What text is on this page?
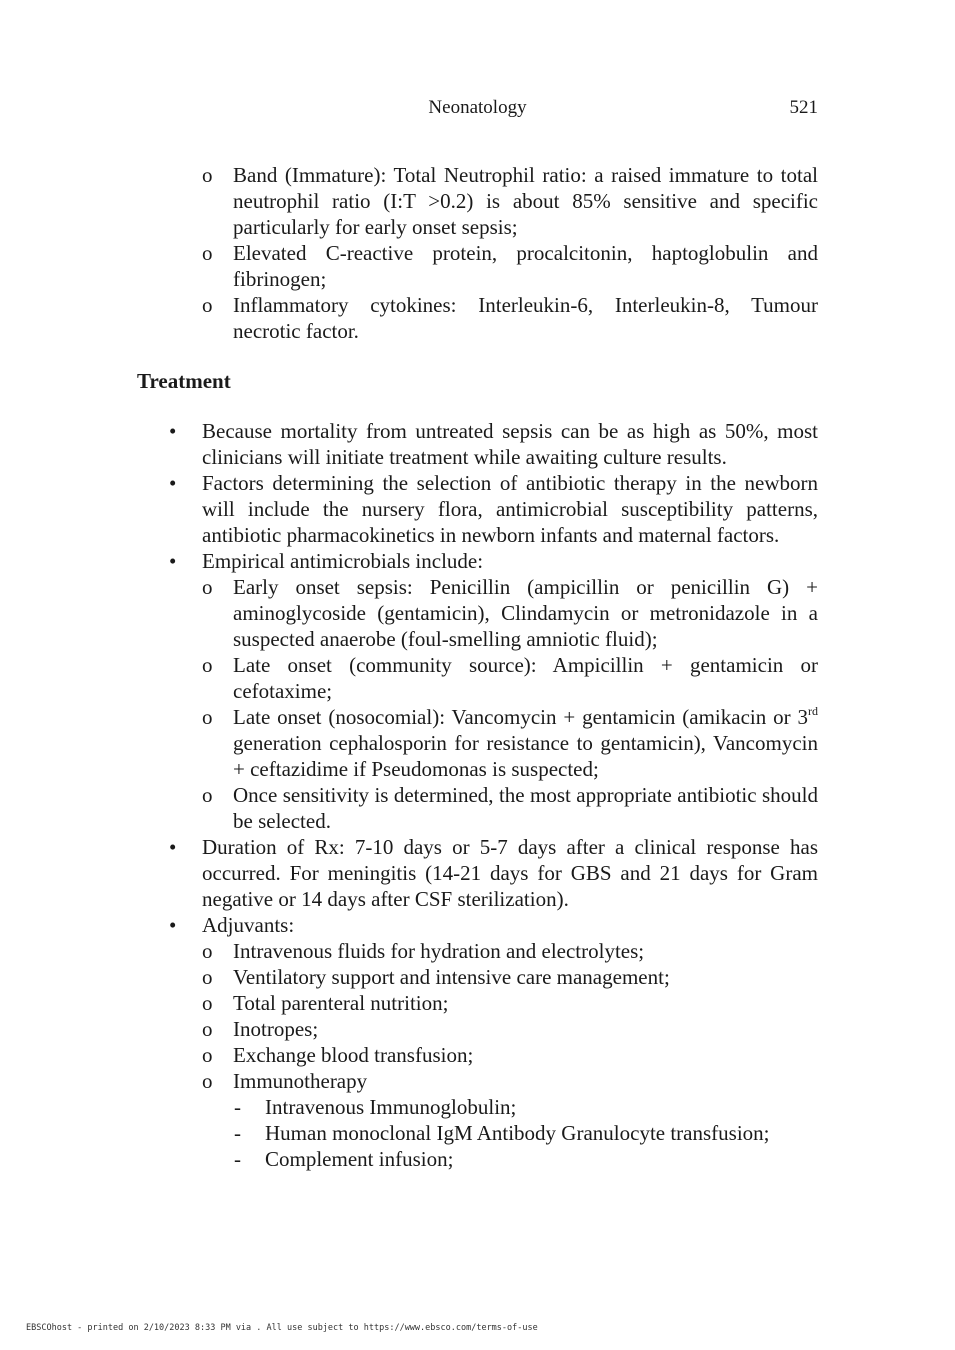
Neonatology	521
o Band (Immature): Total Neutrophil ratio: a raised immature to total neutrophil ratio (I:T >0.2) is about 85% sensitive and specific particularly for early onset sepsis;
o Elevated C-reactive protein, procalcitonin, haptoglobulin and fibrinogen;
o Inflammatory cytokines: Interleukin-6, Interleukin-8, Tumour necrotic factor.
Treatment
• Because mortality from untreated sepsis can be as high as 50%, most clinicians will initiate treatment while awaiting culture results.
• Factors determining the selection of antibiotic therapy in the newborn will include the nursery flora, antimicrobial susceptibility patterns, antibiotic pharmacokinetics in newborn infants and maternal factors.
• Empirical antimicrobials include:
o Early onset sepsis: Penicillin (ampicillin or penicillin G) + aminoglycoside (gentamicin), Clindamycin or metronidazole in a suspected anaerobe (foul-smelling amniotic fluid);
o Late onset (community source): Ampicillin + gentamicin or cefotaxime;
o Late onset (nosocomial): Vancomycin + gentamicin (amikacin or 3rd generation cephalosporin for resistance to gentamicin), Vancomycin + ceftazidime if Pseudomonas is suspected;
o Once sensitivity is determined, the most appropriate antibiotic should be selected.
• Duration of Rx: 7-10 days or 5-7 days after a clinical response has occurred. For meningitis (14-21 days for GBS and 21 days for Gram negative or 14 days after CSF sterilization).
• Adjuvants:
o Intravenous fluids for hydration and electrolytes;
o Ventilatory support and intensive care management;
o Total parenteral nutrition;
o Inotropes;
o Exchange blood transfusion;
o Immunotherapy
- Intravenous Immunoglobulin;
- Human monoclonal IgM Antibody Granulocyte transfusion;
- Complement infusion;
EBSCOhost - printed on 2/10/2023 8:33 PM via . All use subject to https://www.ebsco.com/terms-of-use
